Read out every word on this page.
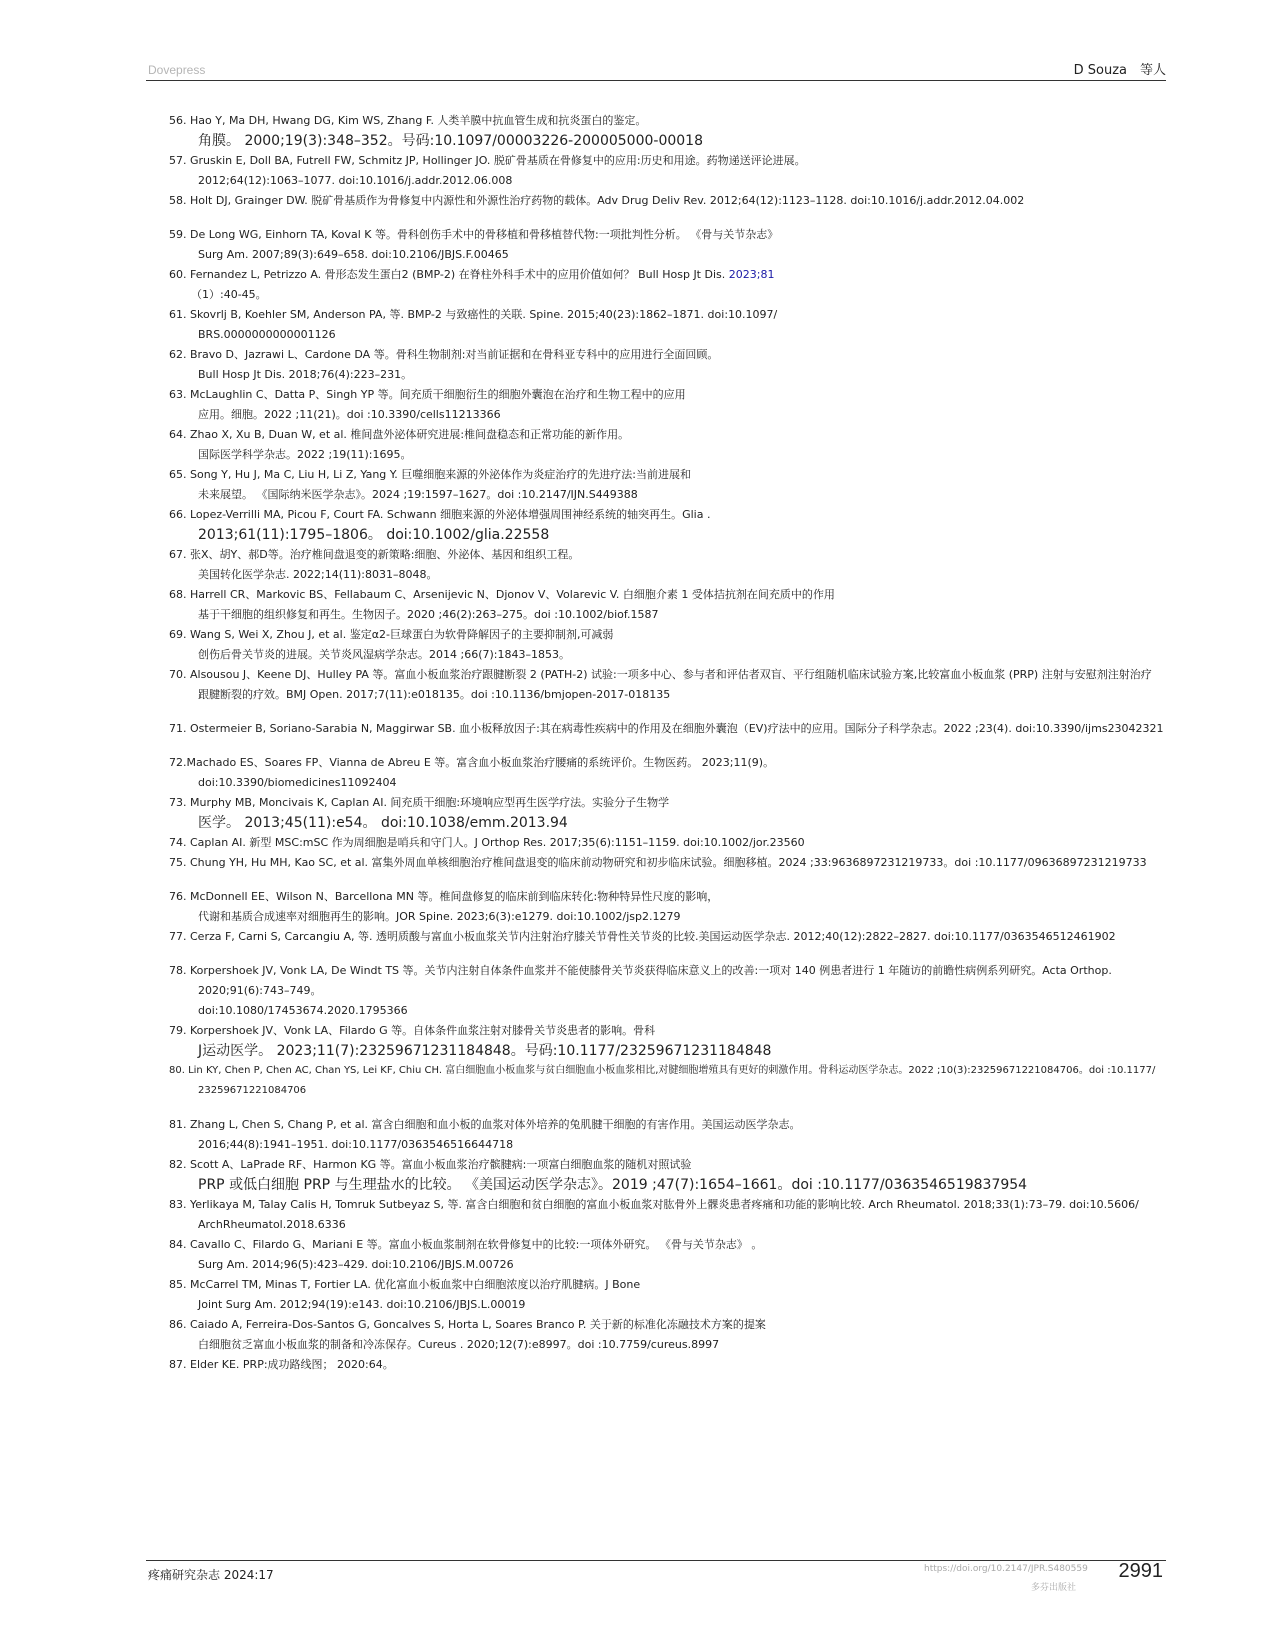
Dovepress	D Souza　等人
56. Hao Y, Ma DH, Hwang DG, Kim WS, Zhang F. 人类羊膜中抗血管生成和抗炎蛋白的鉴定。
角膜。 2000;19(3):348–352。号码:10.1097/00003226-200005000-00018
57. Gruskin E, Doll BA, Futrell FW, Schmitz JP, Hollinger JO. 脱矿骨基质在骨修复中的应用:历史和用途。药物递送评论进展。
2012;64(12):1063–1077. doi:10.1016/j.addr.2012.06.008
58. Holt DJ, Grainger DW. 脱矿骨基质作为骨修复中内源性和外源性治疗药物的载体。Adv Drug Deliv Rev. 2012;64(12):1123–1128. doi:10.1016/j.addr.2012.04.002
59. De Long WG, Einhorn TA, Koval K 等。骨科创伤手术中的骨移植和骨移植替代物:一项批判性分析。 《骨与关节杂志》
Surg Am. 2007;89(3):649–658. doi:10.2106/JBJS.F.00465
60. Fernandez L, Petrizzo A. 骨形态发生蛋白2 (BMP-2) 在脊柱外科手术中的应用价值如何？ Bull Hosp Jt Dis. 2023;81
（1）:40-45。
61. Skovrlj B, Koehler SM, Anderson PA, 等. BMP-2 与致癌性的关联. Spine. 2015;40(23):1862–1871. doi:10.1097/
BRS.0000000000001126
62. Bravo D、Jazrawi L、Cardone DA 等。骨科生物制剂:对当前证据和在骨科亚专科中的应用进行全面回顾。
Bull Hosp Jt Dis. 2018;76(4):223–231。
63. McLaughlin C、Datta P、Singh YP 等。间充质干细胞衍生的细胞外囊泡在治疗和生物工程中的应用
应用。细胞。2022 ;11(21)。doi :10.3390/cells11213366
64. Zhao X, Xu B, Duan W, et al. 椎间盘外泌体研究进展:椎间盘稳态和正常功能的新作用。
国际医学科学杂志。2022 ;19(11):1695。
65. Song Y, Hu J, Ma C, Liu H, Li Z, Yang Y. 巨噬细胞来源的外泌体作为炎症治疗的先进疗法:当前进展和
未来展望。 《国际纳米医学杂志》。2024 ;19:1597–1627。doi :10.2147/IJN.S449388
66. Lopez-Verrilli MA, Picou F, Court FA. Schwann 细胞来源的外泌体增强周围神经系统的轴突再生。Glia .
2013;61(11):1795–1806。 doi:10.1002/glia.22558
67. 张X、胡Y、郝D等。治疗椎间盘退变的新策略:细胞、外泌体、基因和组织工程。
美国转化医学杂志. 2022;14(11):8031–8048。
68. Harrell CR、Markovic BS、Fellabaum C、Arsenijevic N、Djonov V、Volarevic V. 白细胞介素 1 受体拮抗剂在间充质中的作用
基于干细胞的组织修复和再生。生物因子。2020 ;46(2):263–275。doi :10.1002/biof.1587
69. Wang S, Wei X, Zhou J, et al. 鉴定α2-巨球蛋白为软骨降解因子的主要抑制剂,可减弱
创伤后骨关节炎的进展。关节炎风湿病学杂志。2014 ;66(7):1843–1853。
70. Alsousou J、Keene DJ、Hulley PA 等。富血小板血浆治疗跟腱断裂 2 (PATH-2) 试验:一项多中心、参与者和评估者双盲、平行组随机临床试验方案,比较富血小板血浆 (PRP) 注射与安慰剂注射治疗
跟腱断裂的疗效。BMJ Open. 2017;7(11):e018135。doi :10.1136/bmjopen-2017-018135
71. Ostermeier B, Soriano-Sarabia N, Maggirwar SB. 血小板释放因子:其在病毒性疾病中的作用及在细胞外囊泡（EV)疗法中的应用。国际分子科学杂志。2022 ;23(4). doi:10.3390/ijms23042321
72.Machado ES、Soares FP、Vianna de Abreu E 等。富含血小板血浆治疗腰痛的系统评价。生物医药。 2023;11(9)。
doi:10.3390/biomedicines11092404
73. Murphy MB, Moncivais K, Caplan AI. 间充质干细胞:环境响应型再生医学疗法。实验分子生物学
医学。 2013;45(11):e54。 doi:10.1038/emm.2013.94
74. Caplan AI. 新型 MSC:mSC 作为周细胞是哨兵和守门人。J Orthop Res. 2017;35(6):1151–1159. doi:10.1002/jor.23560
75. Chung YH, Hu MH, Kao SC, et al. 富集外周血单核细胞治疗椎间盘退变的临床前动物研究和初步临床试验。细胞移植。2024 ;33:9636897231219733。doi :10.1177/09636897231219733
76. McDonnell EE、Wilson N、Barcellona MN 等。椎间盘修复的临床前到临床转化:物种特异性尺度的影响，
代谢和基质合成速率对细胞再生的影响。JOR Spine. 2023;6(3):e1279. doi:10.1002/jsp2.1279
77. Cerza F, Carni S, Carcangiu A, 等. 透明质酸与富血小板血浆关节内注射治疗膝关节骨性关节炎的比较.美国运动医学杂志. 2012;40(12):2822–2827. doi:10.1177/0363546512461902
78. Korpershoek JV, Vonk LA, De Windt TS 等。关节内注射自体条件血浆并不能使膝骨关节炎获得临床意义上的改善:一项对 140 例患者进行 1 年随访的前瞻性病例系列研究。Acta Orthop.
2020;91(6):743–749。
doi:10.1080/17453674.2020.1795366
79. Korpershoek JV、Vonk LA、Filardo G 等。自体条件血浆注射对膝骨关节炎患者的影响。骨科
J运动医学。 2023;11(7):23259671231184848。号码:10.1177/23259671231184848
80. Lin KY, Chen P, Chen AC, Chan YS, Lei KF, Chiu CH. 富白细胞血小板血浆与贫白细胞血小板血浆相比,对腱细胞增殖具有更好的刺激作用。骨科运动医学杂志。2022 ;10(3):23259671221084706。doi :10.1177/
23259671221084706
81. Zhang L, Chen S, Chang P, et al. 富含白细胞和血小板的血浆对体外培养的兔肌腱干细胞的有害作用。美国运动医学杂志。
2016;44(8):1941–1951. doi:10.1177/0363546516644718
82. Scott A、LaPrade RF、Harmon KG 等。富血小板血浆治疗髌腱病:一项富白细胞血浆的随机对照试验
PRP 或低白细胞 PRP 与生理盐水的比较。 《美国运动医学杂志》。2019 ;47(7):1654–1661。doi :10.1177/0363546519837954
83. Yerlikaya M, Talay Calis H, Tomruk Sutbeyaz S, 等. 富含白细胞和贫白细胞的富血小板血浆对肱骨外上髁炎患者疼痛和功能的影响比较. Arch Rheumatol. 2018;33(1):73–79. doi:10.5606/
ArchRheumatol.2018.6336
84. Cavallo C、Filardo G、Mariani E 等。富血小板血浆制剂在软骨修复中的比较:一项体外研究。 《骨与关节杂志》 。
Surg Am. 2014;96(5):423–429. doi:10.2106/JBJS.M.00726
85. McCarrel TM, Minas T, Fortier LA. 优化富血小板血浆中白细胞浓度以治疗肌腱病。J Bone
Joint Surg Am. 2012;94(19):e143. doi:10.2106/JBJS.L.00019
86. Caiado A, Ferreira-Dos-Santos G, Goncalves S, Horta L, Soares Branco P. 关于新的标准化冻融技术方案的提案
白细胞贫乏富血小板血浆的制备和冷冻保存。Cureus . 2020;12(7):e8997。doi :10.7759/cureus.8997
87. Elder KE. PRP:成功路线图； 2020:64。
疼痛研究杂志 2024:17	https://doi.org/10.2147/JPR.S480559
多芬出版社
2991
